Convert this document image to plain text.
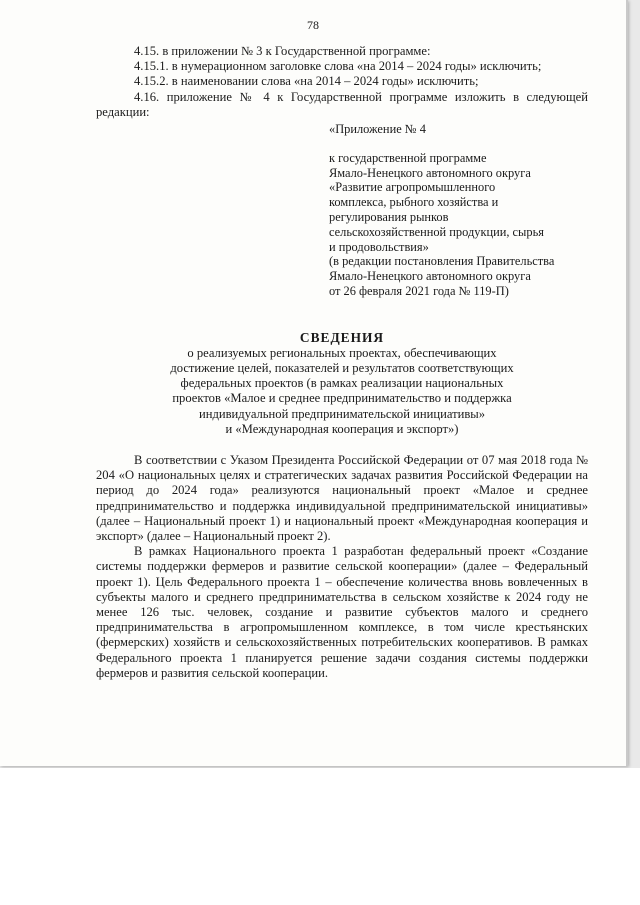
78

4.15. в приложении № 3 к Государственной программе:

4.15.1. в нумерационном заголовке слова «на 2014 – 2024 годы» исключить;

4.15.2. в наименовании слова «на 2014 – 2024 годы» исключить;

4.16. приложение № 4 к Государственной программе изложить в следующей редакции:

«Приложение № 4
к государственной программе
Ямало-Ненецкого автономного округа
«Развитие агропромышленного
комплекса, рыбного хозяйства и
регулирования рынков
сельскохозяйственной продукции, сырья
и продовольствия»
(в редакции постановления Правительства
Ямало-Ненецкого автономного округа
от 26 февраля 2021 года № 119-П)
СВЕДЕНИЯ
о реализуемых региональных проектах, обеспечивающих
достижение целей, показателей и результатов соответствующих
федеральных проектов (в рамках реализации национальных
проектов «Малое и среднее предпринимательство и поддержка
индивидуальной предпринимательской инициативы»
и «Международная кооперация и экспорт»)

В соответствии с Указом Президента Российской Федерации от 07 мая 2018 года № 204 «О национальных целях и стратегических задачах развития Российской Федерации на период до 2024 года» реализуются национальный проект «Малое и среднее предпринимательство и поддержка индивидуальной предпринимательской инициативы» (далее – Национальный проект 1) и национальный проект «Международная кооперация и экспорт» (далее – Национальный проект 2).

В рамках Национального проекта 1 разработан федеральный проект «Создание системы поддержки фермеров и развитие сельской кооперации» (далее – Федеральный проект 1). Цель Федерального проекта 1 – обеспечение количества вновь вовлеченных в субъекты малого и среднего предпринимательства в сельском хозяйстве к 2024 году не менее 126 тыс. человек, создание и развитие субъектов малого и среднего предпринимательства в агропромышленном комплексе, в том числе крестьянских (фермерских) хозяйств и сельскохозяйственных потребительских кооперативов. В рамках Федерального проекта 1 планируется решение задачи создания системы поддержки фермеров и развития сельской кооперации.
